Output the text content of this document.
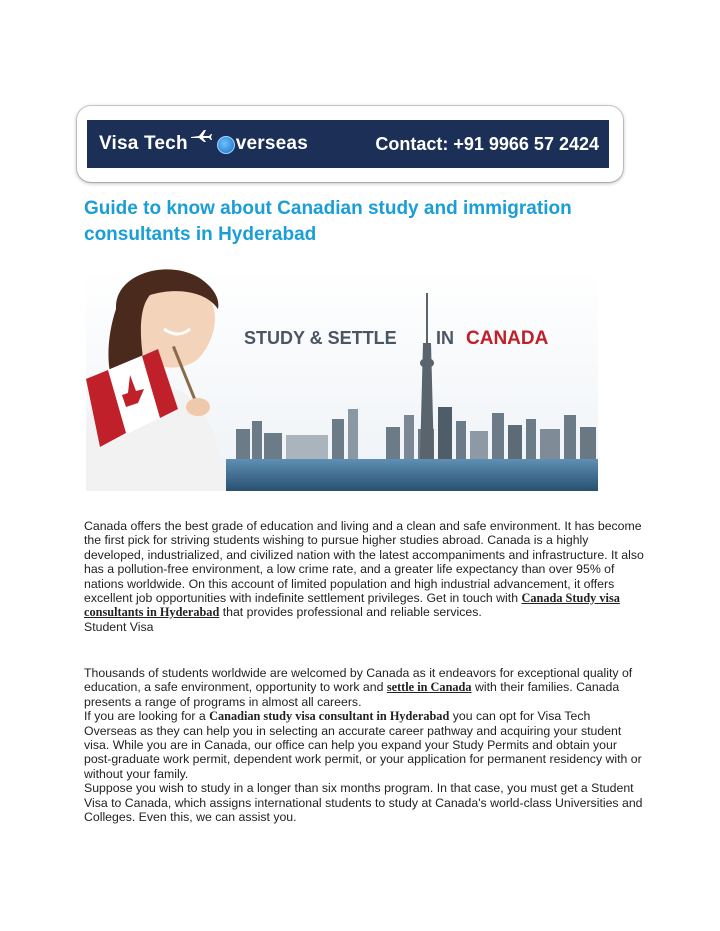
Visa Tech	verseas	Contact: +91 9966 57 2424
Guide to know about Canadian study and immigration consultants in Hyderabad
STUDY & SETTLE IN CANADA

Canada offers the best grade of education and living and a clean and safe environment. It has become the first pick for striving students wishing to pursue higher studies abroad. Canada is a highly developed, industrialized, and civilized nation with the latest accompaniments and infrastructure. It also has a pollution-free environment, a low crime rate, and a greater life expectancy than over 95% of nations worldwide. On this account of limited population and high industrial advancement, it offers excellent job opportunities with indefinite settlement privileges. Get in touch with Canada Study visa consultants in Hyderabad that provides professional and reliable services.
Student Visa

Thousands of students worldwide are welcomed by Canada as it endeavors for exceptional quality of education, a safe environment, opportunity to work and settle in Canada with their families. Canada presents a range of programs in almost all careers.
If you are looking for a Canadian study visa consultant in Hyderabad you can opt for Visa Tech Overseas as they can help you in selecting an accurate career pathway and acquiring your student visa. While you are in Canada, our office can help you expand your Study Permits and obtain your post-graduate work permit, dependent work permit, or your application for permanent residency with or without your family.
Suppose you wish to study in a longer than six months program. In that case, you must get a Student Visa to Canada, which assigns international students to study at Canada's world-class Universities and Colleges. Even this, we can assist you.
